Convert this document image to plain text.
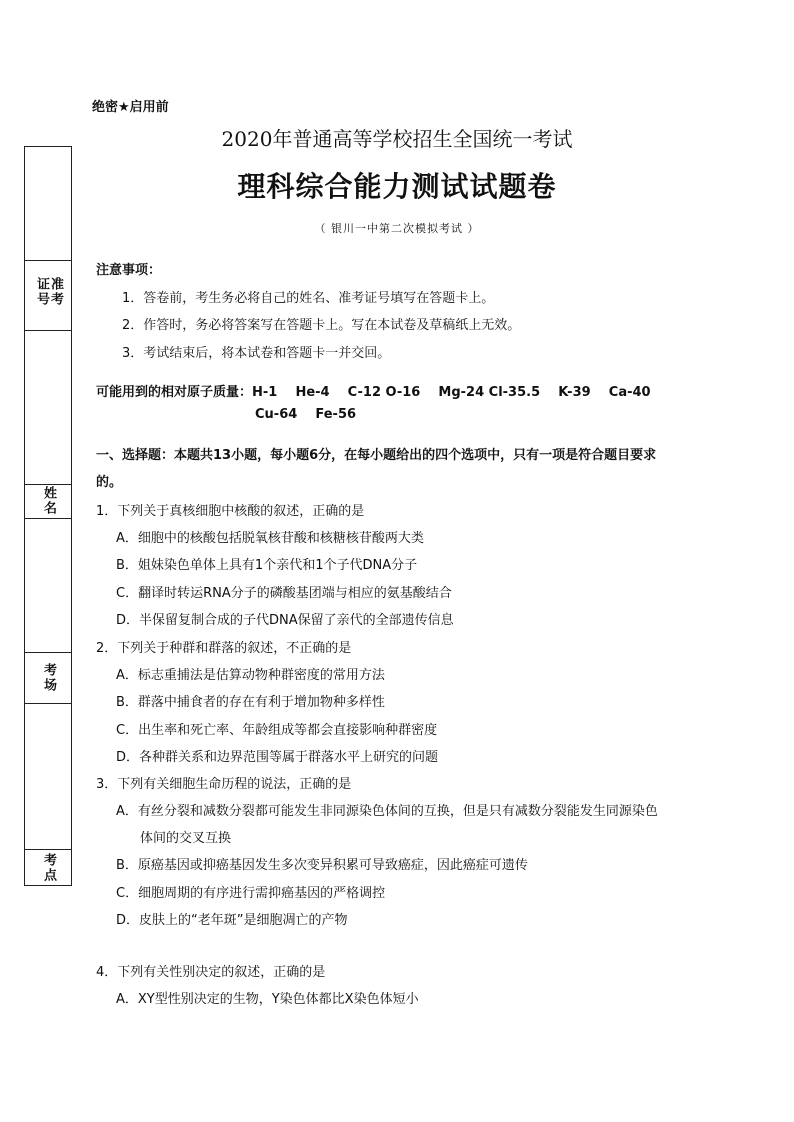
准考证号
姓名
考场
考点
绝密★启用前
2020年普通高等学校招生全国统一考试
理科综合能力测试试题卷
（ 银川一中第二次模拟考试 ）
注意事项：
1．答卷前，考生务必将自己的姓名、准考证号填写在答题卡上。
2．作答时，务必将答案写在答题卡上。写在本试卷及草稿纸上无效。
3．考试结束后，将本试卷和答题卡一并交回。
可能用到的相对原子质量：H-1    He-4    C-12 O-16    Mg-24 Cl-35.5    K-39    Ca-40
Cu-64    Fe-56
一、选择题：本题共13小题，每小题6分，在每小题给出的四个选项中，只有一项是符合题目要求
的。
1．下列关于真核细胞中核酸的叙述，正确的是
A．细胞中的核酸包括脱氧核苷酸和核糖核苷酸两大类
B．姐妹染色单体上具有1个亲代和1个子代DNA分子
C．翻译时转运RNA分子的磷酸基团端与相应的氨基酸结合
D．半保留复制合成的子代DNA保留了亲代的全部遗传信息
2．下列关于种群和群落的叙述，不正确的是
A．标志重捕法是估算动物种群密度的常用方法
B．群落中捕食者的存在有利于增加物种多样性
C．出生率和死亡率、年龄组成等都会直接影响种群密度
D．各种群关系和边界范围等属于群落水平上研究的问题
3．下列有关细胞生命历程的说法，正确的是
A．有丝分裂和减数分裂都可能发生非同源染色体间的互换，但是只有减数分裂能发生同源染色
体间的交叉互换
B．原癌基因或抑癌基因发生多次变异积累可导致癌症，因此癌症可遗传
C．细胞周期的有序进行需抑癌基因的严格调控
D．皮肤上的“老年斑”是细胞凋亡的产物
4．下列有关性别决定的叙述，正确的是
A．XY型性别决定的生物，Y染色体都比X染色体短小
